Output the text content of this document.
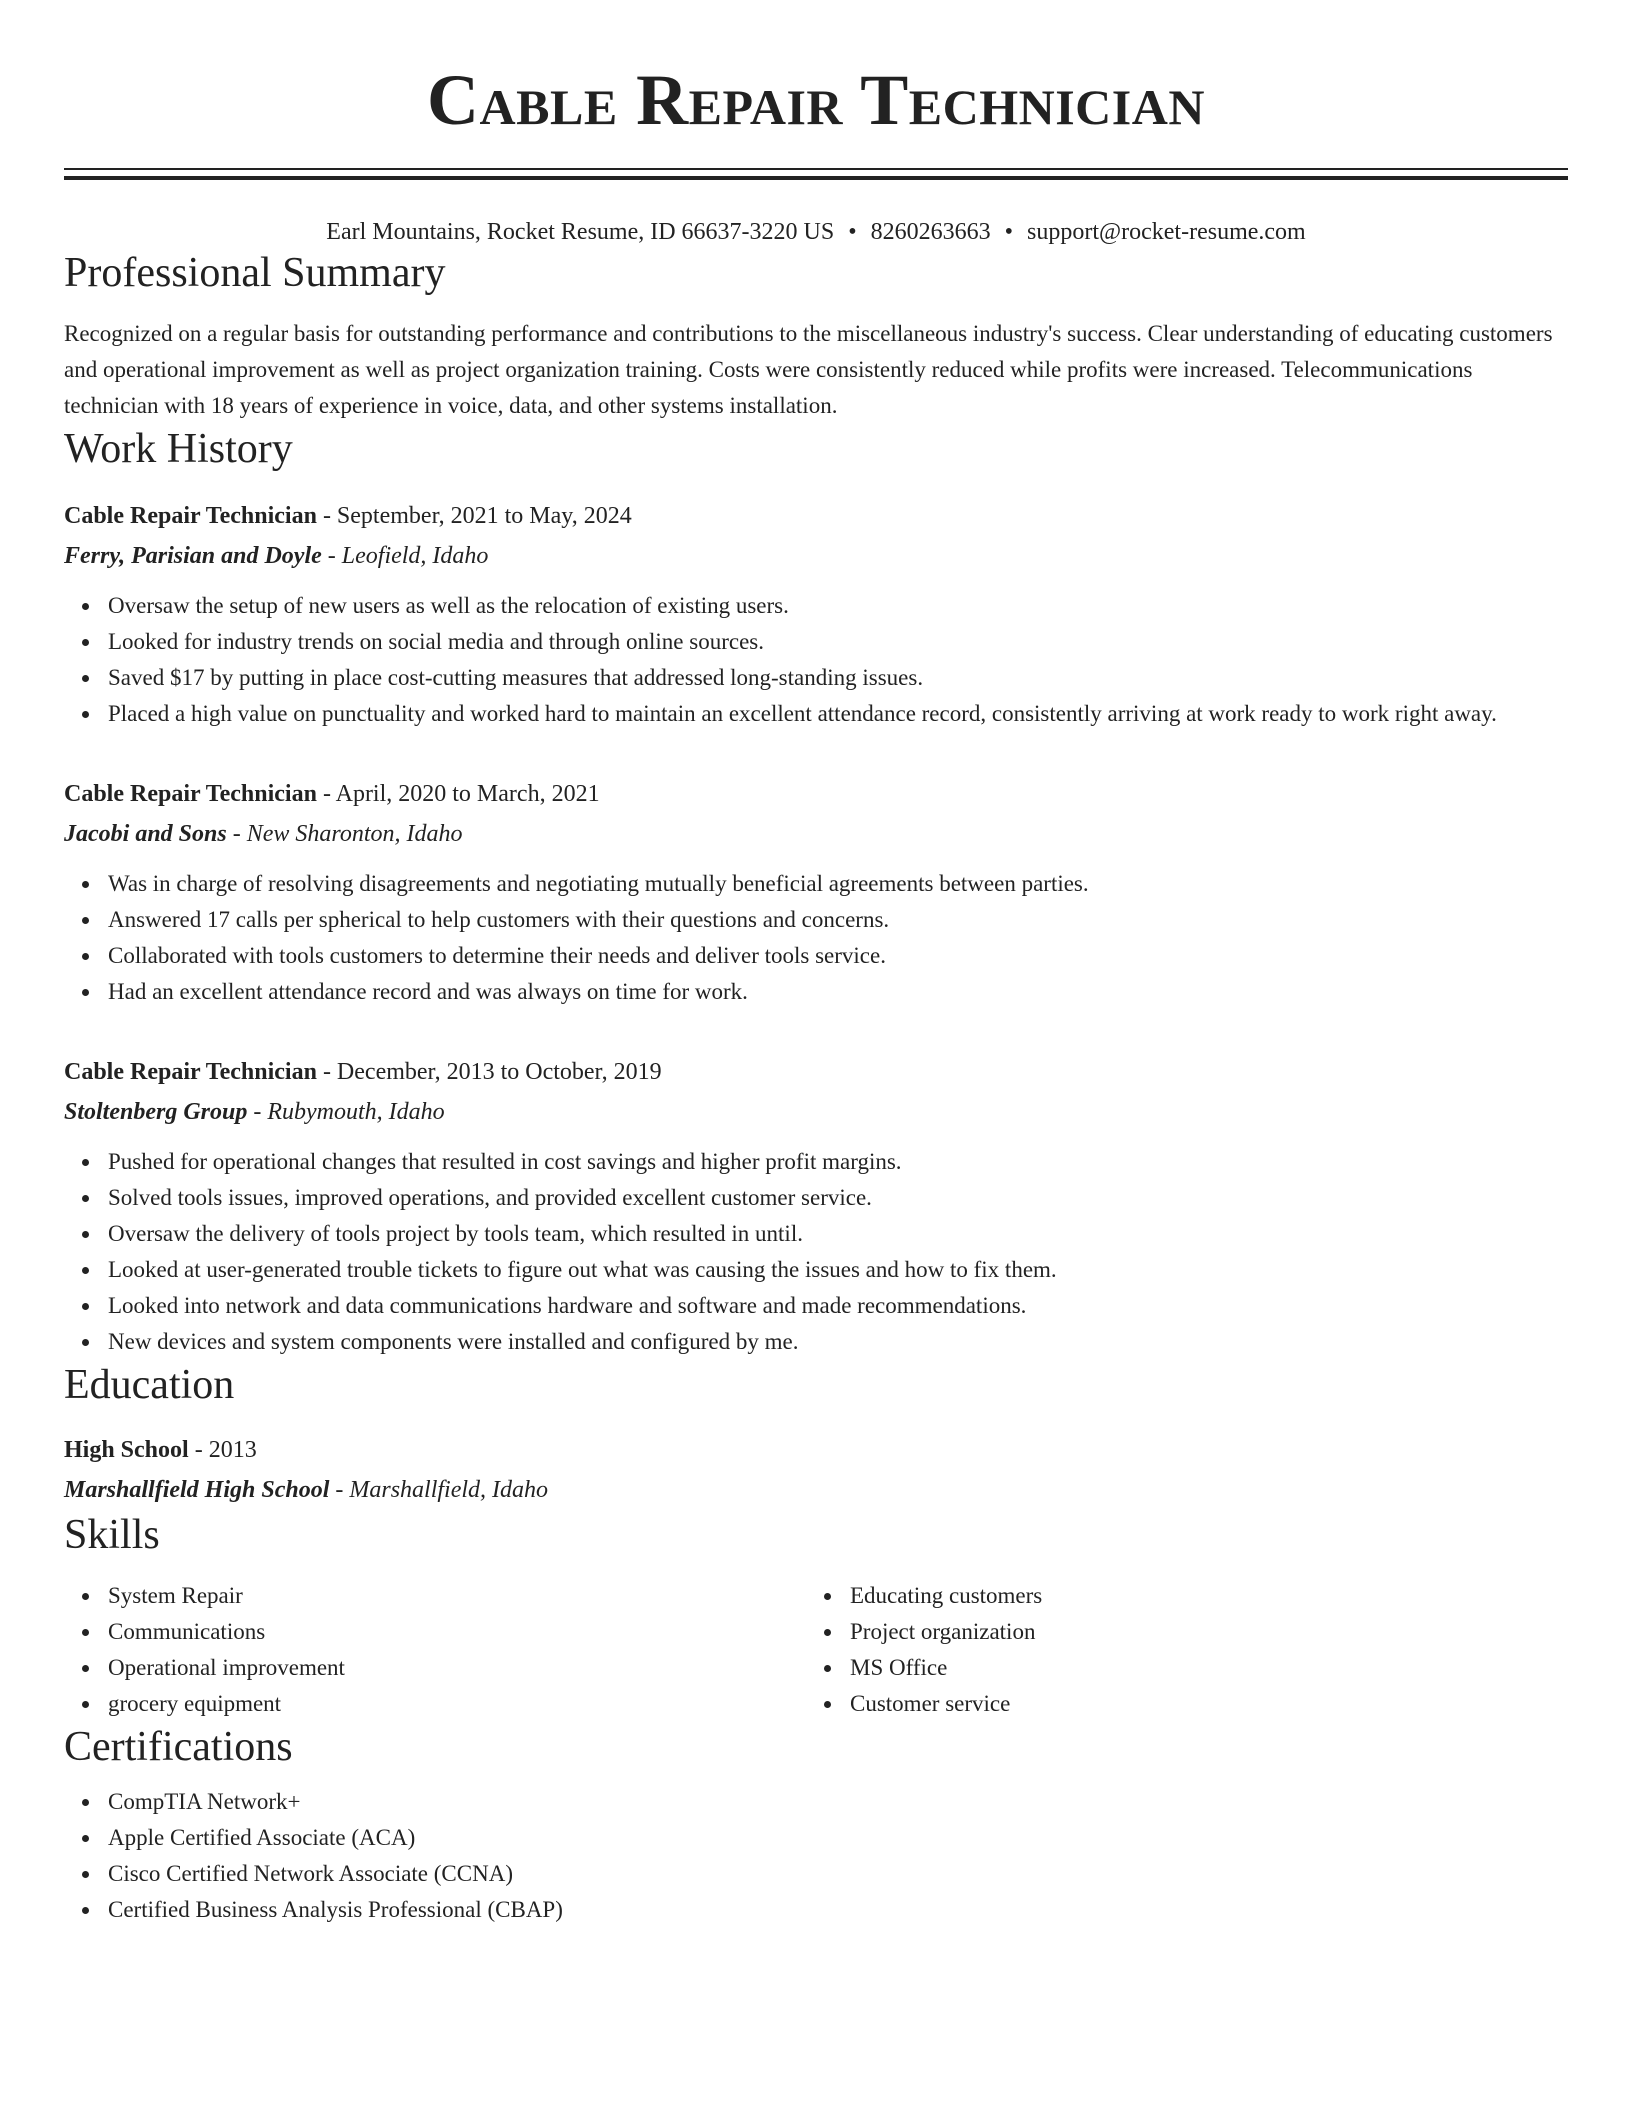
Cable Repair Technician
Earl Mountains, Rocket Resume, ID 66637-3220 US • 8260263663 • support@rocket-resume.com
Professional Summary
Recognized on a regular basis for outstanding performance and contributions to the miscellaneous industry's success. Clear understanding of educating customers and operational improvement as well as project organization training. Costs were consistently reduced while profits were increased. Telecommunications technician with 18 years of experience in voice, data, and other systems installation.
Work History
Cable Repair Technician - September, 2021 to May, 2024
Ferry, Parisian and Doyle - Leofield, Idaho
Oversaw the setup of new users as well as the relocation of existing users.
Looked for industry trends on social media and through online sources.
Saved $17 by putting in place cost-cutting measures that addressed long-standing issues.
Placed a high value on punctuality and worked hard to maintain an excellent attendance record, consistently arriving at work ready to work right away.
Cable Repair Technician - April, 2020 to March, 2021
Jacobi and Sons - New Sharonton, Idaho
Was in charge of resolving disagreements and negotiating mutually beneficial agreements between parties.
Answered 17 calls per spherical to help customers with their questions and concerns.
Collaborated with tools customers to determine their needs and deliver tools service.
Had an excellent attendance record and was always on time for work.
Cable Repair Technician - December, 2013 to October, 2019
Stoltenberg Group - Rubymouth, Idaho
Pushed for operational changes that resulted in cost savings and higher profit margins.
Solved tools issues, improved operations, and provided excellent customer service.
Oversaw the delivery of tools project by tools team, which resulted in until.
Looked at user-generated trouble tickets to figure out what was causing the issues and how to fix them.
Looked into network and data communications hardware and software and made recommendations.
New devices and system components were installed and configured by me.
Education
High School - 2013
Marshallfield High School - Marshallfield, Idaho
Skills
System Repair
Communications
Operational improvement
grocery equipment
Educating customers
Project organization
MS Office
Customer service
Certifications
CompTIA Network+
Apple Certified Associate (ACA)
Cisco Certified Network Associate (CCNA)
Certified Business Analysis Professional (CBAP)
